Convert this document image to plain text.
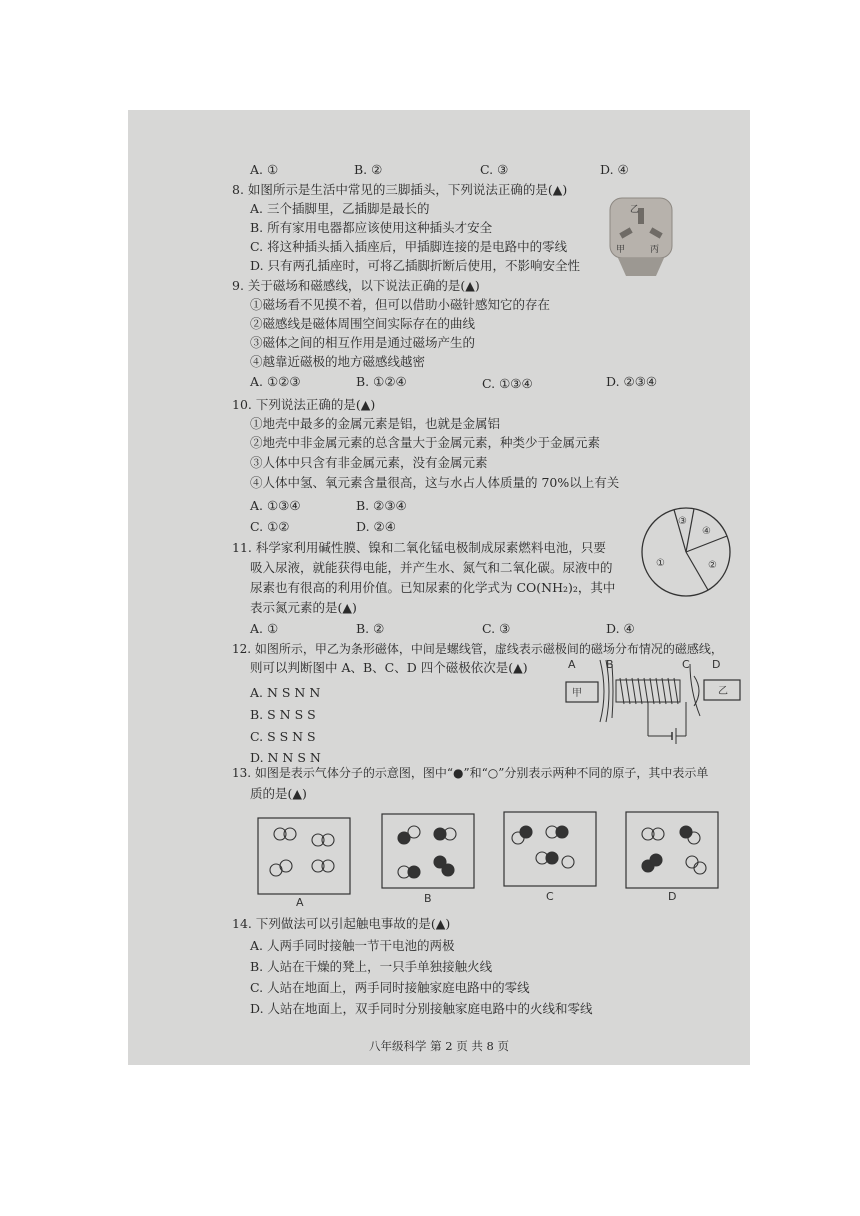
A. ①	B. ②	C. ③	D. ④
8. 如图所示是生活中常见的三脚插头，下列说法正确的是(▲)
A. 三个插脚里，乙插脚是最长的
B. 所有家用电器都应该使用这种插头才安全
C. 将这种插头插入插座后，甲插脚连接的是电路中的零线
D. 只有两孔插座时，可将乙插脚折断后使用，不影响安全性
乙
甲	丙
9. 关于磁场和磁感线，以下说法正确的是(▲)
①磁场看不见摸不着，但可以借助小磁针感知它的存在
②磁感线是磁体周围空间实际存在的曲线
③磁体之间的相互作用是通过磁场产生的
④越靠近磁极的地方磁感线越密
A. ①②③	B. ①②④	C. ①③④	D. ②③④
10. 下列说法正确的是(▲)
①地壳中最多的金属元素是铝，也就是金属铝
②地壳中非金属元素的总含量大于金属元素，种类少于金属元素
③人体中只含有非金属元素，没有金属元素
④人体中氢、氧元素含量很高，这与水占人体质量的 70%以上有关
A. ①③④	B. ②③④
C. ①②	D. ②④	③
④
①	②
11. 科学家利用碱性膜、镍和二氧化锰电极制成尿素燃料电池，只要
吸入尿液，就能获得电能，并产生水、氮气和二氧化碳。尿液中的
尿素也有很高的利用价值。已知尿素的化学式为 CO(NH₂)₂，其中
表示氮元素的是(▲)
A. ①	B. ②	C. ③	D. ④
12. 如图所示，甲乙为条形磁体，中间是螺线管，虚线表示磁极间的磁场分布情况的磁感线，
则可以判断图中 A、B、C、D 四个磁极依次是(▲)
A. N S N N
B. S N S S
C. S S N S
D. N N S N
A	B	C D
甲	乙
13. 如图是表示气体分子的示意图，图中“●”和“○”分别表示两种不同的原子，其中表示单
质的是(▲)
A	B	C	D
14. 下列做法可以引起触电事故的是(▲)
A. 人两手同时接触一节干电池的两极
B. 人站在干燥的凳上，一只手单独接触火线
C. 人站在地面上，两手同时接触家庭电路中的零线
D. 人站在地面上，双手同时分别接触家庭电路中的火线和零线
八年级科学 第 2 页 共 8 页
